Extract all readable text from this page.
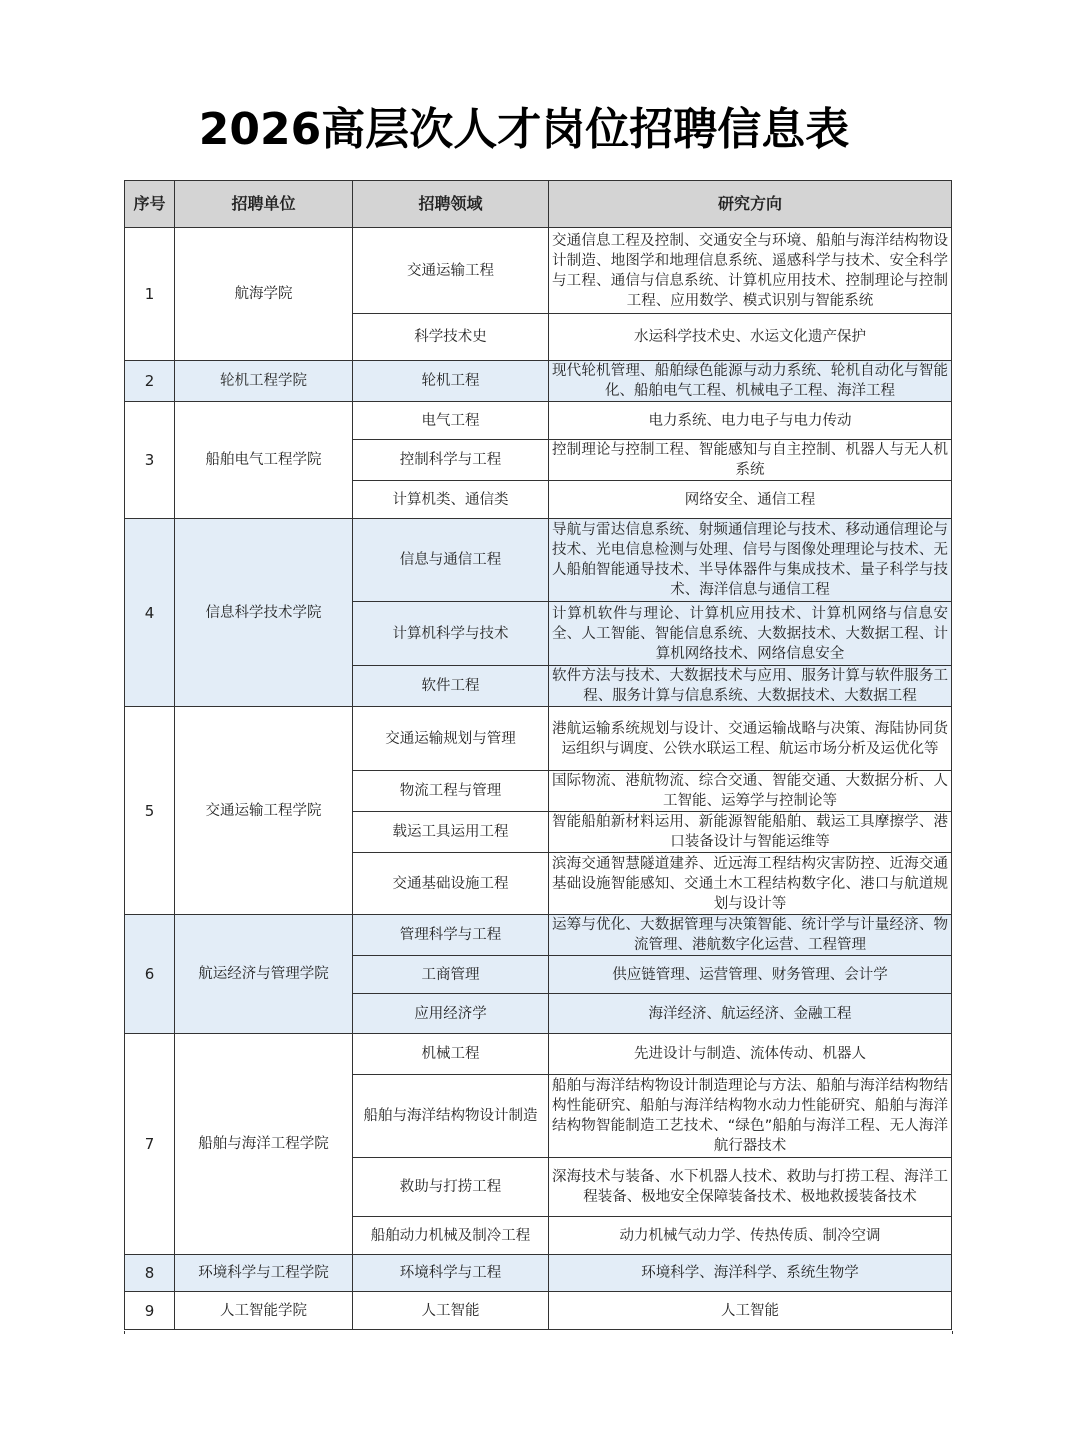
2026高层次人才岗位招聘信息表
序号	招聘单位	招聘领域	研究方向
1	航海学院	交通运输工程	交通信息工程及控制、交通安全与环境、船舶与海洋结构物设计制造、地图学和地理信息系统、遥感科学与技术、安全科学与工程、通信与信息系统、计算机应用技术、控制理论与控制工程、应用数学、模式识别与智能系统
		科学技术史	水运科学技术史、水运文化遗产保护
2	轮机工程学院	轮机工程	现代轮机管理、船舶绿色能源与动力系统、轮机自动化与智能化、船舶电气工程、机械电子工程、海洋工程
3	船舶电气工程学院	电气工程	电力系统、电力电子与电力传动
		控制科学与工程	控制理论与控制工程、智能感知与自主控制、机器人与无人机系统
		计算机类、通信类	网络安全、通信工程
4	信息科学技术学院	信息与通信工程	导航与雷达信息系统、射频通信理论与技术、移动通信理论与技术、光电信息检测与处理、信号与图像处理理论与技术、无人船舶智能通导技术、半导体器件与集成技术、量子科学与技术、海洋信息与通信工程
		计算机科学与技术	计算机软件与理论、计算机应用技术、计算机网络与信息安全、人工智能、智能信息系统、大数据技术、大数据工程、计算机网络技术、网络信息安全
		软件工程	软件方法与技术、大数据技术与应用、服务计算与软件服务工程、服务计算与信息系统、大数据技术、大数据工程
5	交通运输工程学院	交通运输规划与管理	港航运输系统规划与设计、交通运输战略与决策、海陆协同货运组织与调度、公铁水联运工程、航运市场分析及运优化等
		物流工程与管理	国际物流、港航物流、综合交通、智能交通、大数据分析、人工智能、运筹学与控制论等
		载运工具运用工程	智能船舶新材料运用、新能源智能船舶、载运工具摩擦学、港口装备设计与智能运维等
		交通基础设施工程	滨海交通智慧隧道建养、近远海工程结构灾害防控、近海交通基础设施智能感知、交通土木工程结构数字化、港口与航道规划与设计等
6	航运经济与管理学院	管理科学与工程	运筹与优化、大数据管理与决策智能、统计学与计量经济、物流管理、港航数字化运营、工程管理
		工商管理	供应链管理、运营管理、财务管理、会计学
		应用经济学	海洋经济、航运经济、金融工程
7	船舶与海洋工程学院	机械工程	先进设计与制造、流体传动、机器人
		船舶与海洋结构物设计制造	船舶与海洋结构物设计制造理论与方法、船舶与海洋结构物结构性能研究、船舶与海洋结构物水动力性能研究、船舶与海洋结构物智能制造工艺技术、“绿色”船舶与海洋工程、无人海洋航行器技术
		救助与打捞工程	深海技术与装备、水下机器人技术、救助与打捞工程、海洋工程装备、极地安全保障装备技术、极地救援装备技术
		船舶动力机械及制冷工程	动力机械气动力学、传热传质、制冷空调
8	环境科学与工程学院	环境科学与工程	环境科学、海洋科学、系统生物学
9	人工智能学院	人工智能	人工智能
